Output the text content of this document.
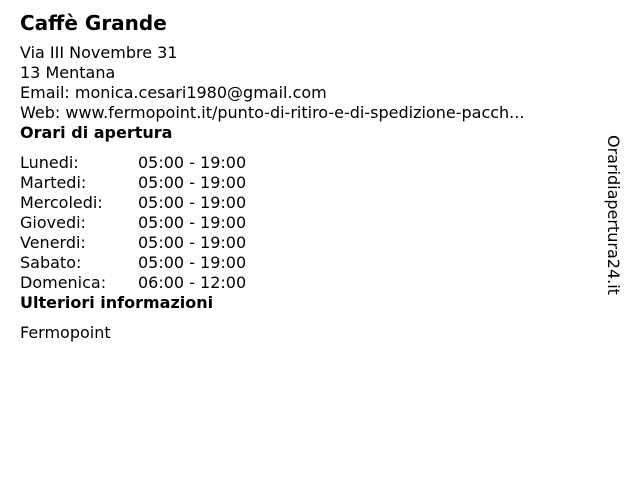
Caffè Grande
Via III Novembre 31
13 Mentana
Email: monica.cesari1980@gmail.com
Web: www.fermopoint.it/punto-di-ritiro-e-di-spedizione-pacch...
Orari di apertura
Lunedi:	05:00 - 19:00
Martedi:	05:00 - 19:00
Mercoledi:	05:00 - 19:00
Giovedi:	05:00 - 19:00
Venerdi:	05:00 - 19:00
Sabato:	05:00 - 19:00
Domenica:	06:00 - 12:00
Ulteriori informazioni
Fermopoint
Oraridiapertura24.it
